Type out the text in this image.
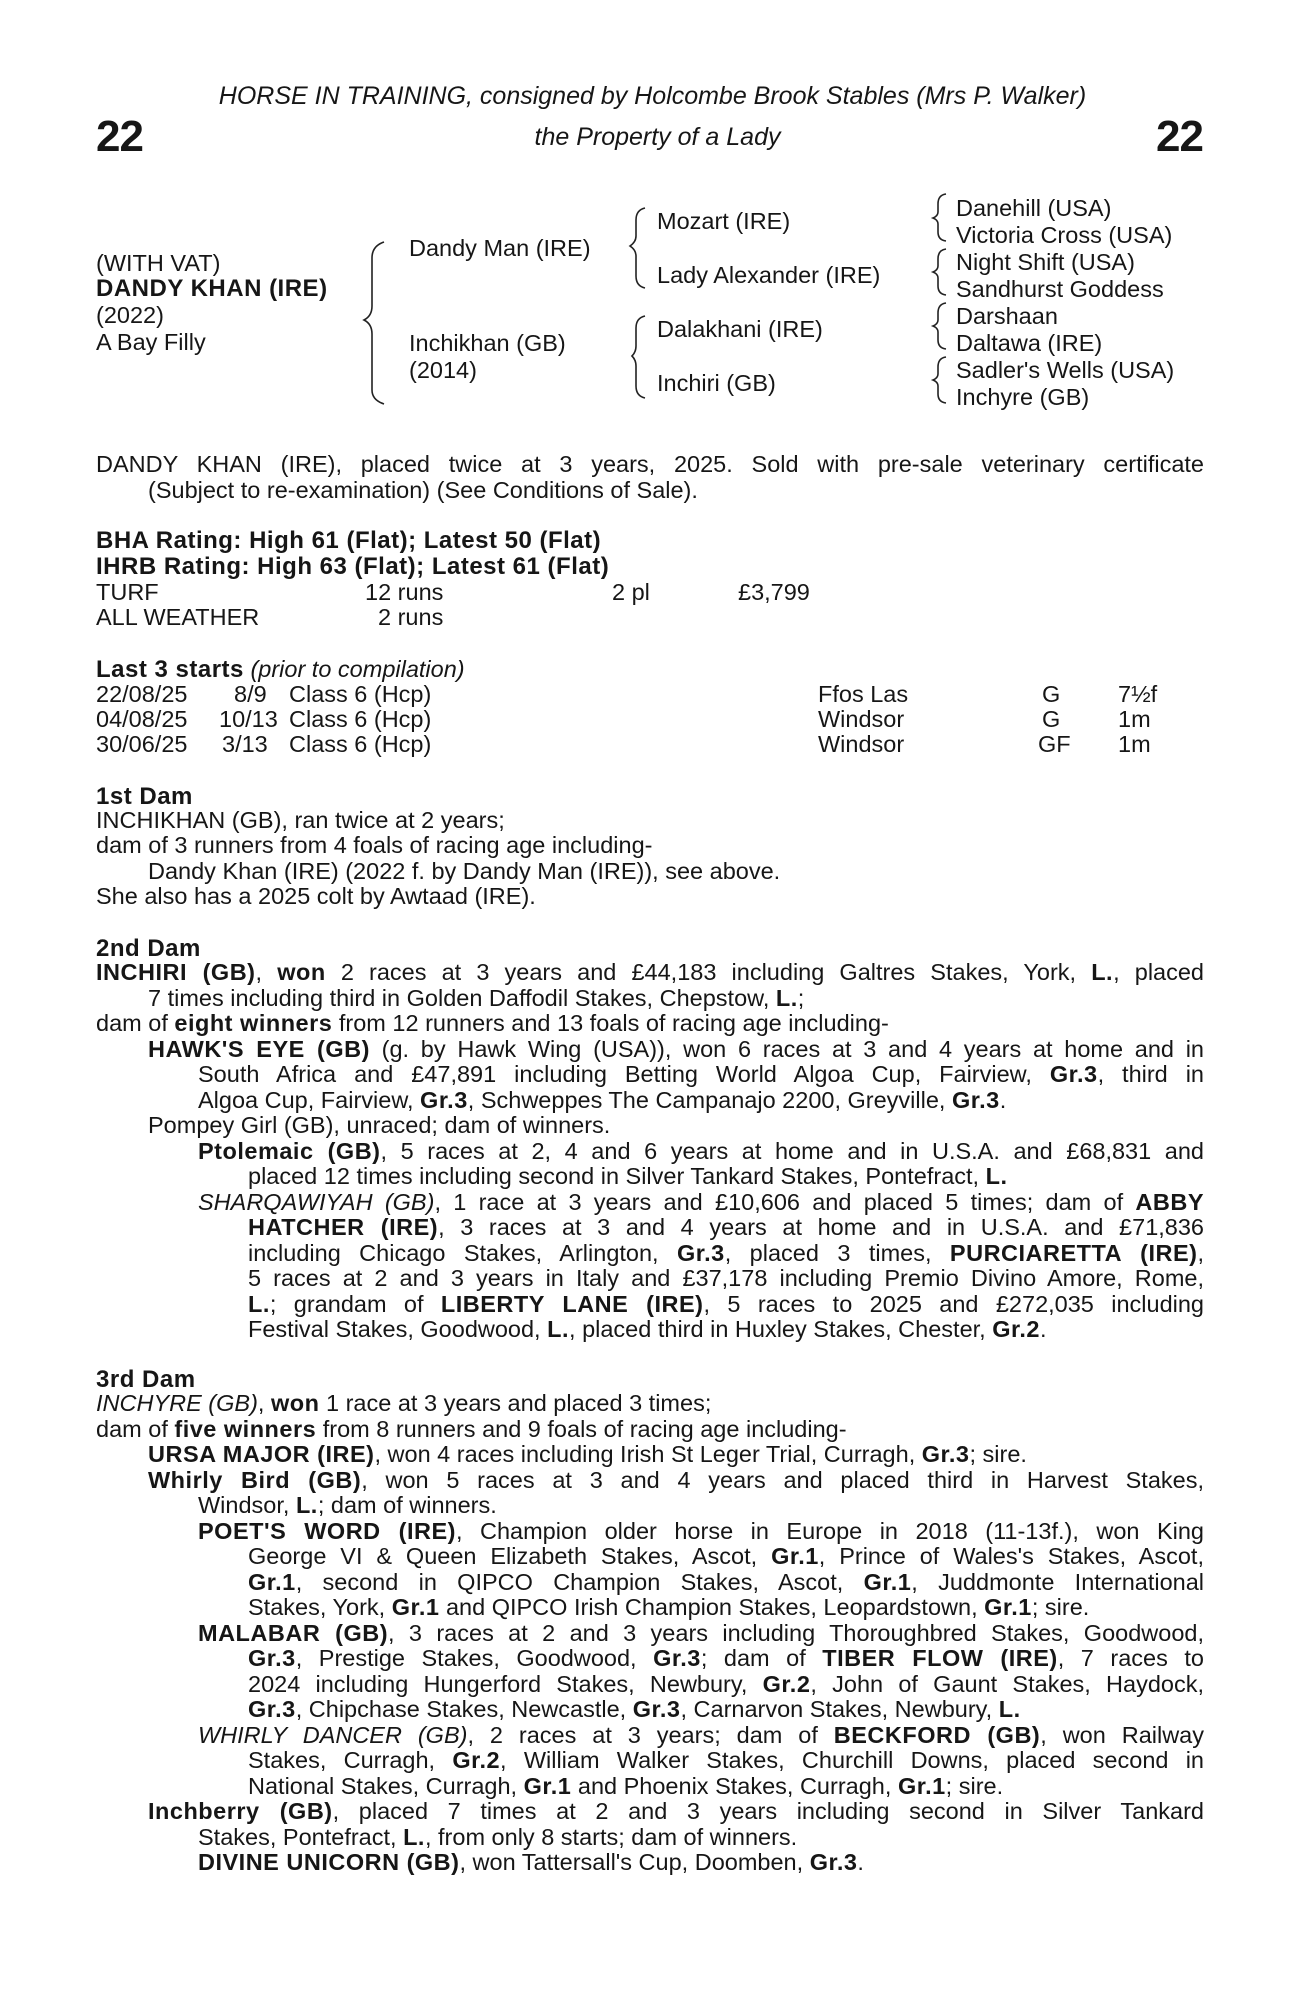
22	22
HORSE IN TRAINING, consigned by Holcombe Brook Stables (Mrs P. Walker)
the Property of a Lady
(WITH VAT)
DANDY KHAN (IRE)
(2022)
A Bay Filly
Dandy Man (IRE)
Inchikhan (GB)
(2014)
Mozart (IRE)
Lady Alexander (IRE)
Dalakhani (IRE)
Inchiri (GB)
Danehill (USA)
Victoria Cross (USA)
Night Shift (USA)
Sandhurst Goddess
Darshaan
Daltawa (IRE)
Sadler's Wells (USA)
Inchyre (GB)
DANDY KHAN (IRE), placed twice at 3 years, 2025. Sold with pre-sale veterinary certificate
(Subject to re-examination) (See Conditions of Sale).
BHA Rating: High 61 (Flat); Latest 50 (Flat)
IHRB Rating: High 63 (Flat); Latest 61 (Flat)
TURF	12 runs	2 pl	£3,799
ALL WEATHER	2 runs
Last 3 starts (prior to compilation)
22/08/25 8/9 Class 6 (Hcp)	Ffos Las	G 7½f
04/08/25 10/13 Class 6 (Hcp)	Windsor	G 1m
30/06/25 3/13 Class 6 (Hcp)	Windsor	GF 1m
1st Dam
INCHIKHAN (GB), ran twice at 2 years;
dam of 3 runners from 4 foals of racing age including-
Dandy Khan (IRE) (2022 f. by Dandy Man (IRE)), see above.
She also has a 2025 colt by Awtaad (IRE).
2nd Dam
INCHIRI (GB), won 2 races at 3 years and £44,183 including Galtres Stakes, York, L., placed
7 times including third in Golden Daffodil Stakes, Chepstow, L.;
dam of eight winners from 12 runners and 13 foals of racing age including-
HAWK'S EYE (GB) (g. by Hawk Wing (USA)), won 6 races at 3 and 4 years at home and in
South Africa and £47,891 including Betting World Algoa Cup, Fairview, Gr.3, third in
Algoa Cup, Fairview, Gr.3, Schweppes The Campanajo 2200, Greyville, Gr.3.
Pompey Girl (GB), unraced; dam of winners.
Ptolemaic (GB), 5 races at 2, 4 and 6 years at home and in U.S.A. and £68,831 and
placed 12 times including second in Silver Tankard Stakes, Pontefract, L.
SHARQAWIYAH (GB), 1 race at 3 years and £10,606 and placed 5 times; dam of ABBY
HATCHER (IRE), 3 races at 3 and 4 years at home and in U.S.A. and £71,836
including Chicago Stakes, Arlington, Gr.3, placed 3 times, PURCIARETTA (IRE),
5 races at 2 and 3 years in Italy and £37,178 including Premio Divino Amore, Rome,
L.; grandam of LIBERTY LANE (IRE), 5 races to 2025 and £272,035 including
Festival Stakes, Goodwood, L., placed third in Huxley Stakes, Chester, Gr.2.
3rd Dam
INCHYRE (GB), won 1 race at 3 years and placed 3 times;
dam of five winners from 8 runners and 9 foals of racing age including-
URSA MAJOR (IRE), won 4 races including Irish St Leger Trial, Curragh, Gr.3; sire.
Whirly Bird (GB), won 5 races at 3 and 4 years and placed third in Harvest Stakes,
Windsor, L.; dam of winners.
POET'S WORD (IRE), Champion older horse in Europe in 2018 (11-13f.), won King
George VI & Queen Elizabeth Stakes, Ascot, Gr.1, Prince of Wales's Stakes, Ascot,
Gr.1, second in QIPCO Champion Stakes, Ascot, Gr.1, Juddmonte International
Stakes, York, Gr.1 and QIPCO Irish Champion Stakes, Leopardstown, Gr.1; sire.
MALABAR (GB), 3 races at 2 and 3 years including Thoroughbred Stakes, Goodwood,
Gr.3, Prestige Stakes, Goodwood, Gr.3; dam of TIBER FLOW (IRE), 7 races to
2024 including Hungerford Stakes, Newbury, Gr.2, John of Gaunt Stakes, Haydock,
Gr.3, Chipchase Stakes, Newcastle, Gr.3, Carnarvon Stakes, Newbury, L.
WHIRLY DANCER (GB), 2 races at 3 years; dam of BECKFORD (GB), won Railway
Stakes, Curragh, Gr.2, William Walker Stakes, Churchill Downs, placed second in
National Stakes, Curragh, Gr.1 and Phoenix Stakes, Curragh, Gr.1; sire.
Inchberry (GB), placed 7 times at 2 and 3 years including second in Silver Tankard
Stakes, Pontefract, L., from only 8 starts; dam of winners.
DIVINE UNICORN (GB), won Tattersall's Cup, Doomben, Gr.3.
